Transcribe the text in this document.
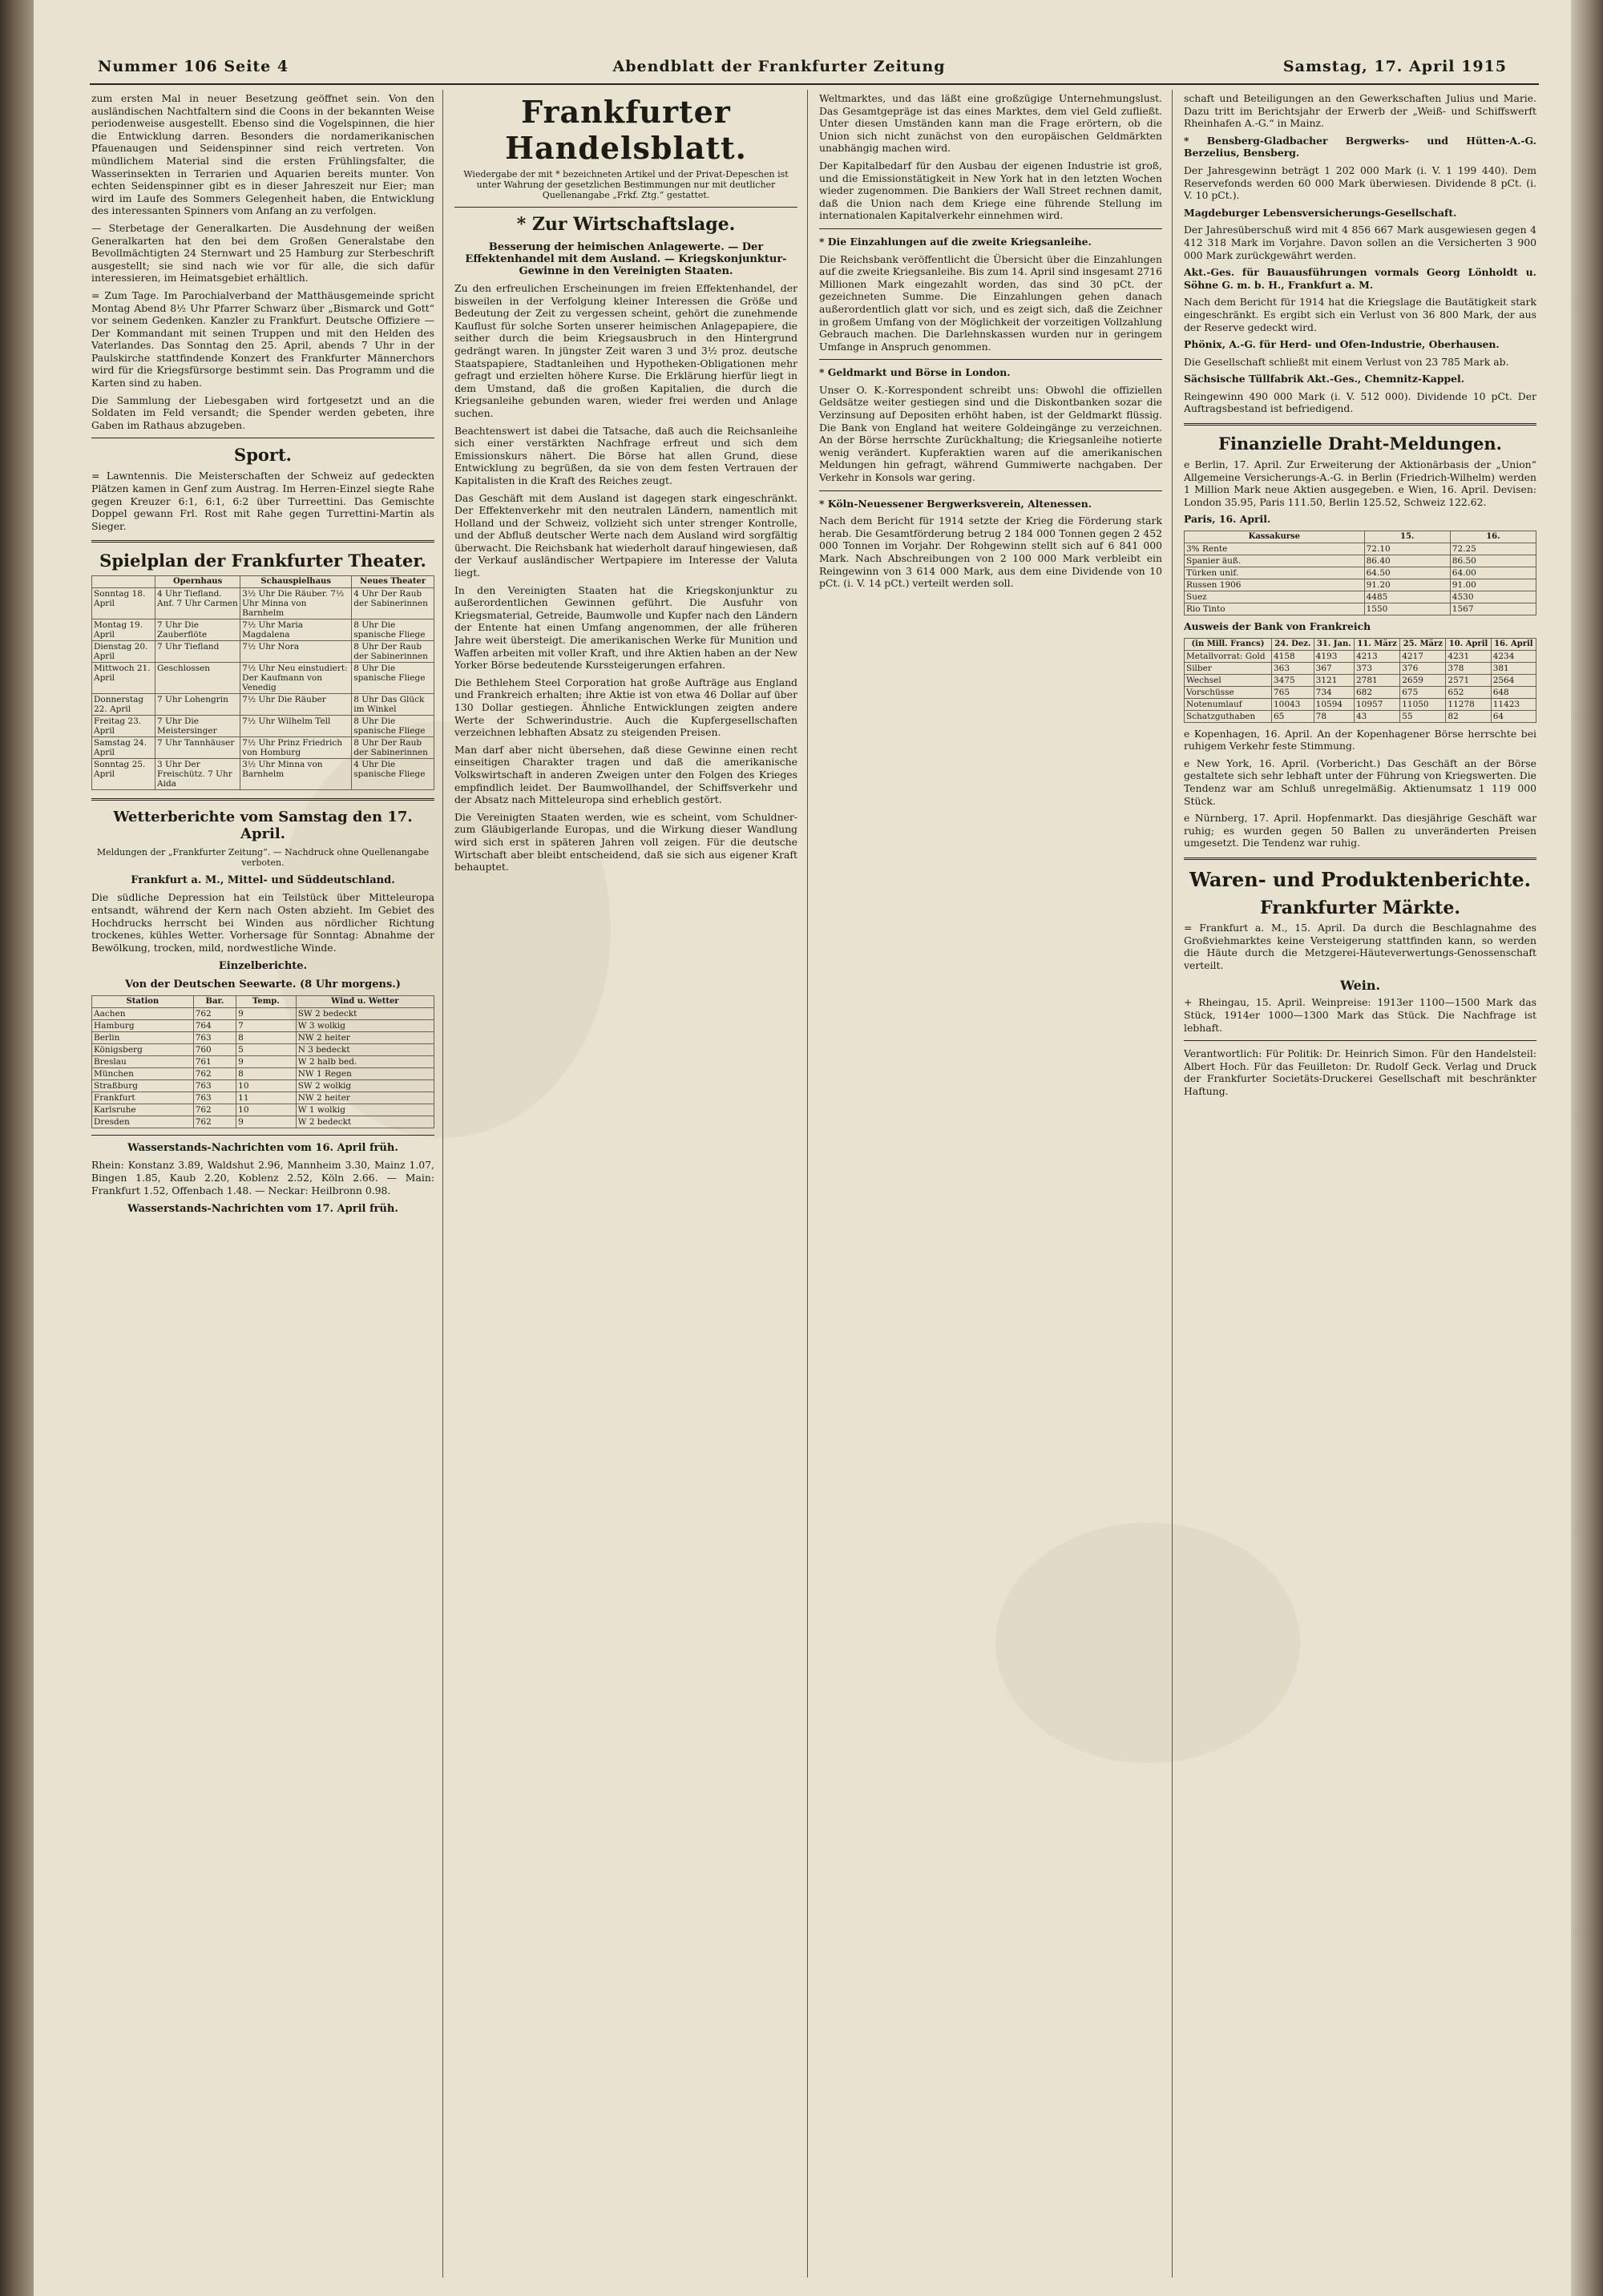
Nummer 106 Seite 4	Abendblatt der Frankfurter Zeitung	Samstag, 17. April 1915

zum ersten Mal in neuer Besetzung geöffnet sein. Von den ausländischen Nachtfaltern sind die Coons in der bekannten Weise periodenweise ausgestellt. Ebenso sind die Vogelspinnen, die hier die Entwicklung darren. Besonders die nordamerikanischen Pfauenaugen und Seidenspinner sind reich vertreten. Von mündlichem Material sind die ersten Frühlingsfalter, die Wasserinsekten in Terrarien und Aquarien bereits munter. Von echten Seidenspinner gibt es in dieser Jahreszeit nur Eier; man wird im Laufe des Sommers Gelegenheit haben, die Entwicklung des interessanten Spinners vom Anfang an zu verfolgen.

— Sterbetage der Generalkarten. Die Ausdehnung der weißen Generalkarten hat den bei dem Großen Generalstabe den Bevollmächtigten 24 Sternwart und 25 Hamburg zur Sterbeschrift ausgestellt; sie sind nach wie vor für alle, die sich dafür interessieren, im Heimatsgebiet erhältlich.

= Zum Tage. Im Parochialverband der Matthäusgemeinde spricht Montag Abend 8½ Uhr Pfarrer Schwarz über „Bismarck und Gott“ vor seinem Gedenken. Kanzler zu Frankfurt. Deutsche Offiziere — Der Kommandant mit seinen Truppen und mit den Helden des Vaterlandes. Das Sonntag den 25. April, abends 7 Uhr in der Paulskirche stattfindende Konzert des Frankfurter Männerchors wird für die Kriegsfürsorge bestimmt sein. Das Programm und die Karten sind zu haben.

Die Sammlung der Liebesgaben wird fortgesetzt und an die Soldaten im Feld versandt; die Spender werden gebeten, ihre Gaben im Rathaus abzugeben.

Sport.

= Lawntennis. Die Meisterschaften der Schweiz auf gedeckten Plätzen kamen in Genf zum Austrag. Im Herren-Einzel siegte Rahe gegen Kreuzer 6:1, 6:1, 6:2 über Turreettini. Das Gemischte Doppel gewann Frl. Rost mit Rahe gegen Turrettini-Martin als Sieger.

Spielplan der Frankfurter Theater.
	Opernhaus	Schauspielhaus	Neues Theater
Sonntag 18. April	4 Uhr Tiefland. Anf. 7 Uhr Carmen	3½ Uhr Die Räuber. 7½ Uhr Minna von Barnhelm	4 Uhr Der Raub der Sabinerinnen
Montag 19. April	7 Uhr Die Zauberflöte	7½ Uhr Maria Magdalena	8 Uhr Die spanische Fliege
Dienstag 20. April	7 Uhr Tiefland	7½ Uhr Nora	8 Uhr Der Raub der Sabinerinnen
Mittwoch 21. April	Geschlossen	7½ Uhr Neu einstudiert: Der Kaufmann von Venedig	8 Uhr Die spanische Fliege
Donnerstag 22. April	7 Uhr Lohengrin	7½ Uhr Die Räuber	8 Uhr Das Glück im Winkel
Freitag 23. April	7 Uhr Die Meistersinger	7½ Uhr Wilhelm Tell	8 Uhr Die spanische Fliege
Samstag 24. April	7 Uhr Tannhäuser	7½ Uhr Prinz Friedrich von Homburg	8 Uhr Der Raub der Sabinerinnen
Sonntag 25. April	3 Uhr Der Freischütz. 7 Uhr Aida	3½ Uhr Minna von Barnhelm	4 Uhr Die spanische Fliege
Wetterberichte vom Samstag den 17. April.
Meldungen der „Frankfurter Zeitung“. — Nachdruck ohne Quellenangabe verboten.
Frankfurt a. M., Mittel- und Süddeutschland.

Die südliche Depression hat ein Teilstück über Mitteleuropa entsandt, während der Kern nach Osten abzieht. Im Gebiet des Hochdrucks herrscht bei Winden aus nördlicher Richtung trockenes, kühles Wetter. Vorhersage für Sonntag: Abnahme der Bewölkung, trocken, mild, nordwestliche Winde.

Einzelberichte.
Von der Deutschen Seewarte. (8 Uhr morgens.)
Station	Bar.	Temp.	Wind u. Wetter
Aachen	762	9	SW 2 bedeckt
Hamburg	764	7	W 3 wolkig
Berlin	763	8	NW 2 heiter
Königsberg	760	5	N 3 bedeckt
Breslau	761	9	W 2 halb bed.
München	762	8	NW 1 Regen
Straßburg	763	10	SW 2 wolkig
Frankfurt	763	11	NW 2 heiter
Karlsruhe	762	10	W 1 wolkig
Dresden	762	9	W 2 bedeckt
Wasserstands-Nachrichten vom 16. April früh.

Rhein: Konstanz 3.89, Waldshut 2.96, Mannheim 3.30, Mainz 1.07, Bingen 1.85, Kaub 2.20, Koblenz 2.52, Köln 2.66. — Main: Frankfurt 1.52, Offenbach 1.48. — Neckar: Heilbronn 0.98.

Wasserstands-Nachrichten vom 17. April früh.
Frankfurter Handelsblatt.
Wiedergabe der mit * bezeichneten Artikel und der Privat-Depeschen ist unter Wahrung der gesetzlichen Bestimmungen nur mit deutlicher Quellenangabe „Frkf. Ztg.“ gestattet.
* Zur Wirtschaftslage.
Besserung der heimischen Anlagewerte. — Der Effektenhandel mit dem Ausland. — Kriegskonjunktur-Gewinne in den Vereinigten Staaten.

Zu den erfreulichen Erscheinungen im freien Effektenhandel, der bisweilen in der Verfolgung kleiner Interessen die Größe und Bedeutung der Zeit zu vergessen scheint, gehört die zunehmende Kauflust für solche Sorten unserer heimischen Anlagepapiere, die seither durch die beim Kriegsausbruch in den Hintergrund gedrängt waren. In jüngster Zeit waren 3 und 3½ proz. deutsche Staatspapiere, Stadtanleihen und Hypotheken-Obligationen mehr gefragt und erzielten höhere Kurse. Die Erklärung hierfür liegt in dem Umstand, daß die großen Kapitalien, die durch die Kriegsanleihe gebunden waren, wieder frei werden und Anlage suchen.

Beachtenswert ist dabei die Tatsache, daß auch die Reichsanleihe sich einer verstärkten Nachfrage erfreut und sich dem Emissionskurs nähert. Die Börse hat allen Grund, diese Entwicklung zu begrüßen, da sie von dem festen Vertrauen der Kapitalisten in die Kraft des Reiches zeugt.

Das Geschäft mit dem Ausland ist dagegen stark eingeschränkt. Der Effektenverkehr mit den neutralen Ländern, namentlich mit Holland und der Schweiz, vollzieht sich unter strenger Kontrolle, und der Abfluß deutscher Werte nach dem Ausland wird sorgfältig überwacht. Die Reichsbank hat wiederholt darauf hingewiesen, daß der Verkauf ausländischer Wertpapiere im Interesse der Valuta liegt.

In den Vereinigten Staaten hat die Kriegskonjunktur zu außerordentlichen Gewinnen geführt. Die Ausfuhr von Kriegsmaterial, Getreide, Baumwolle und Kupfer nach den Ländern der Entente hat einen Umfang angenommen, der alle früheren Jahre weit übersteigt. Die amerikanischen Werke für Munition und Waffen arbeiten mit voller Kraft, und ihre Aktien haben an der New Yorker Börse bedeutende Kurssteigerungen erfahren.

Die Bethlehem Steel Corporation hat große Aufträge aus England und Frankreich erhalten; ihre Aktie ist von etwa 46 Dollar auf über 130 Dollar gestiegen. Ähnliche Entwicklungen zeigten andere Werte der Schwerindustrie. Auch die Kupfergesellschaften verzeichnen lebhaften Absatz zu steigenden Preisen.

Man darf aber nicht übersehen, daß diese Gewinne einen recht einseitigen Charakter tragen und daß die amerikanische Volkswirtschaft in anderen Zweigen unter den Folgen des Krieges empfindlich leidet. Der Baumwollhandel, der Schiffsverkehr und der Absatz nach Mitteleuropa sind erheblich gestört.

Die Vereinigten Staaten werden, wie es scheint, vom Schuldner- zum Gläubigerlande Europas, und die Wirkung dieser Wandlung wird sich erst in späteren Jahren voll zeigen. Für die deutsche Wirtschaft aber bleibt entscheidend, daß sie sich aus eigener Kraft behauptet.

Weltmarktes, und das läßt eine großzügige Unternehmungslust. Das Gesamtgepräge ist das eines Marktes, dem viel Geld zufließt. Unter diesen Umständen kann man die Frage erörtern, ob die Union sich nicht zunächst von den europäischen Geldmärkten unabhängig machen wird.

Der Kapitalbedarf für den Ausbau der eigenen Industrie ist groß, und die Emissionstätigkeit in New York hat in den letzten Wochen wieder zugenommen. Die Bankiers der Wall Street rechnen damit, daß die Union nach dem Kriege eine führende Stellung im internationalen Kapitalverkehr einnehmen wird.

* Die Einzahlungen auf die zweite Kriegsanleihe.

Die Reichsbank veröffentlicht die Übersicht über die Einzahlungen auf die zweite Kriegsanleihe. Bis zum 14. April sind insgesamt 2716 Millionen Mark eingezahlt worden, das sind 30 pCt. der gezeichneten Summe. Die Einzahlungen gehen danach außerordentlich glatt vor sich, und es zeigt sich, daß die Zeichner in großem Umfang von der Möglichkeit der vorzeitigen Vollzahlung Gebrauch machen. Die Darlehnskassen wurden nur in geringem Umfange in Anspruch genommen.

* Geldmarkt und Börse in London.

Unser O. K.-Korrespondent schreibt uns: Obwohl die offiziellen Geldsätze weiter gestiegen sind und die Diskontbanken sozar die Verzinsung auf Depositen erhöht haben, ist der Geldmarkt flüssig. Die Bank von England hat weitere Goldeingänge zu verzeichnen. An der Börse herrschte Zurückhaltung; die Kriegsanleihe notierte wenig verändert. Kupferaktien waren auf die amerikanischen Meldungen hin gefragt, während Gummiwerte nachgaben. Der Verkehr in Konsols war gering.

* Köln-Neuessener Bergwerksverein, Altenessen.

Nach dem Bericht für 1914 setzte der Krieg die Förderung stark herab. Die Gesamtförderung betrug 2 184 000 Tonnen gegen 2 452 000 Tonnen im Vorjahr. Der Rohgewinn stellt sich auf 6 841 000 Mark. Nach Abschreibungen von 2 100 000 Mark verbleibt ein Reingewinn von 3 614 000 Mark, aus dem eine Dividende von 10 pCt. (i. V. 14 pCt.) verteilt werden soll.

schaft und Beteiligungen an den Gewerkschaften Julius und Marie. Dazu tritt im Berichtsjahr der Erwerb der „Weiß- und Schiffswerft Rheinhafen A.-G.“ in Mainz.

* Bensberg-Gladbacher Bergwerks- und Hütten-A.-G. Berzelius, Bensberg.

Der Jahresgewinn beträgt 1 202 000 Mark (i. V. 1 199 440). Dem Reservefonds werden 60 000 Mark überwiesen. Dividende 8 pCt. (i. V. 10 pCt.).

Magdeburger Lebensversicherungs-Gesellschaft.

Der Jahresüberschuß wird mit 4 856 667 Mark ausgewiesen gegen 4 412 318 Mark im Vorjahre. Davon sollen an die Versicherten 3 900 000 Mark zurückgewährt werden.

Akt.-Ges. für Bauausführungen vormals Georg Lönholdt u. Söhne G. m. b. H., Frankfurt a. M.

Nach dem Bericht für 1914 hat die Kriegslage die Bautätigkeit stark eingeschränkt. Es ergibt sich ein Verlust von 36 800 Mark, der aus der Reserve gedeckt wird.

Phönix, A.-G. für Herd- und Ofen-Industrie, Oberhausen.

Die Gesellschaft schließt mit einem Verlust von 23 785 Mark ab.

Sächsische Tüllfabrik Akt.-Ges., Chemnitz-Kappel.

Reingewinn 490 000 Mark (i. V. 512 000). Dividende 10 pCt. Der Auftragsbestand ist befriedigend.

Finanzielle Draht-Meldungen.

e Berlin, 17. April. Zur Erweiterung der Aktionärbasis der „Union“ Allgemeine Versicherungs-A.-G. in Berlin (Friedrich-Wilhelm) werden 1 Million Mark neue Aktien ausgegeben. e Wien, 16. April. Devisen: London 35.95, Paris 111.50, Berlin 125.52, Schweiz 122.62.

Paris, 16. April.

Kassakurse	15.	16.
3% Rente	72.10	72.25
Spanier äuß.	86.40	86.50
Türken unif.	64.50	64.00
Russen 1906	91.20	91.00
Suez	4485	4530
Rio Tinto	1550	1567

Ausweis der Bank von Frankreich

(in Mill. Francs)	24. Dez.	31. Jan.	11. März	25. März	10. April	16. April
Metallvorrat: Gold	4158	4193	4213	4217	4231	4234
Silber	363	367	373	376	378	381
Wechsel	3475	3121	2781	2659	2571	2564
Vorschüsse	765	734	682	675	652	648
Notenumlauf	10043	10594	10957	11050	11278	11423
Schatzguthaben	65	78	43	55	82	64

e Kopenhagen, 16. April. An der Kopenhagener Börse herrschte bei ruhigem Verkehr feste Stimmung.

e New York, 16. April. (Vorbericht.) Das Geschäft an der Börse gestaltete sich sehr lebhaft unter der Führung von Kriegswerten. Die Tendenz war am Schluß unregelmäßig. Aktienumsatz 1 119 000 Stück.

e Nürnberg, 17. April. Hopfenmarkt. Das diesjährige Geschäft war ruhig; es wurden gegen 50 Ballen zu unveränderten Preisen umgesetzt. Die Tendenz war ruhig.

Waren- und Produktenberichte.
Frankfurter Märkte.

= Frankfurt a. M., 15. April. Da durch die Beschlagnahme des Großviehmarktes keine Versteigerung stattfinden kann, so werden die Häute durch die Metzgerei-Häuteverwertungs-Genossenschaft verteilt.

Wein.

+ Rheingau, 15. April. Weinpreise: 1913er 1100—1500 Mark das Stück, 1914er 1000—1300 Mark das Stück. Die Nachfrage ist lebhaft.

Verantwortlich: Für Politik: Dr. Heinrich Simon. Für den Handelsteil: Albert Hoch. Für das Feuilleton: Dr. Rudolf Geck. Verlag und Druck der Frankfurter Societäts-Druckerei Gesellschaft mit beschränkter Haftung.
